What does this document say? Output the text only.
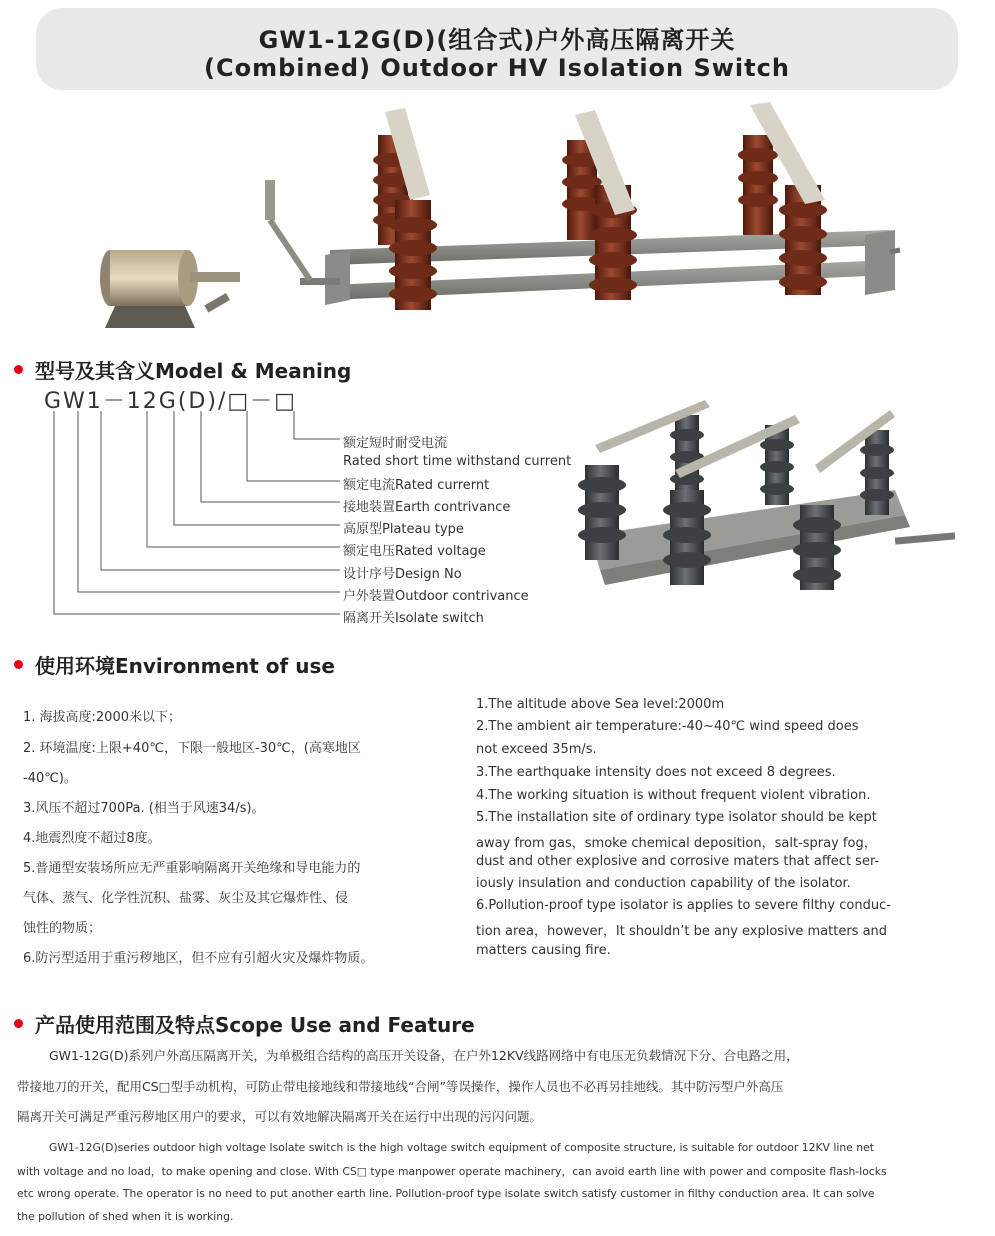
GW1-12G(D)(组合式)户外高压隔离开关
(Combined) Outdoor HV Isolation Switch
型号及其含义Model & Meaning
GW1－12G(D)/□－□
额定短时耐受电流
Rated short time withstand current
额定电流Rated currernt
接地装置Earth contrivance
高原型Plateau type
额定电压Rated voltage
设计序号Design No
户外装置Outdoor contrivance
隔离开关Isolate switch
使用环境Environment of use
1. 海拔高度:2000米以下；
2. 环境温度:上限+40℃，下限一般地区-30℃，(高寒地区
-40℃)。
3.风压不超过700Pa. (相当于风速34/s)。
4.地震烈度不超过8度。
5.普通型安装场所应无严重影响隔离开关绝缘和导电能力的
气体、蒸气、化学性沉积、盐雾、灰尘及其它爆炸性、侵
蚀性的物质；
6.防污型适用于重污秽地区，但不应有引超火灾及爆炸物质。
1.The altitude above Sea level:2000m
2.The ambient air temperature:-40~40℃ wind speed does
not exceed 35m/s.
3.The earthquake intensity does not exceed 8 degrees.
4.The working situation is without frequent violent vibration.
5.The installation site of ordinary type isolator should be kept
away from gas，smoke chemical deposition，salt-spray fog，
dust and other explosive and corrosive maters that affect ser-
iously insulation and conduction capability of the isolator.
6.Pollution-proof type isolator is applies to severe filthy conduc-
tion area，however，It shouldn’t be any explosive matters and
matters causing fire.
产品使用范围及特点Scope Use and Feature
GW1-12G(D)系列户外高压隔离开关，为单极组合结构的高压开关设备，在户外12KV线路网络中有电压无负载情况下分、合电路之用，
带接地刀的开关，配用CS□型手动机构，可防止带电接地线和带接地线“合闸”等误操作，操作人员也不必再另挂地线。其中防污型户外高压
隔离开关可满足严重污秽地区用户的要求，可以有效地解决隔离开关在运行中出现的污闪问题。
GW1-12G(D)series outdoor high voltage Isolate switch is the high voltage switch equipment of composite structure, is suitable for outdoor 12KV line net
with voltage and no load，to make opening and close. With CS□ type manpower operate machinery，can avoid earth line with power and composite flash-locks
etc wrong operate. The operator is no need to put another earth line. Pollution-proof type isolate switch satisfy customer in filthy conduction area. It can solve
the pollution of shed when it is working.
